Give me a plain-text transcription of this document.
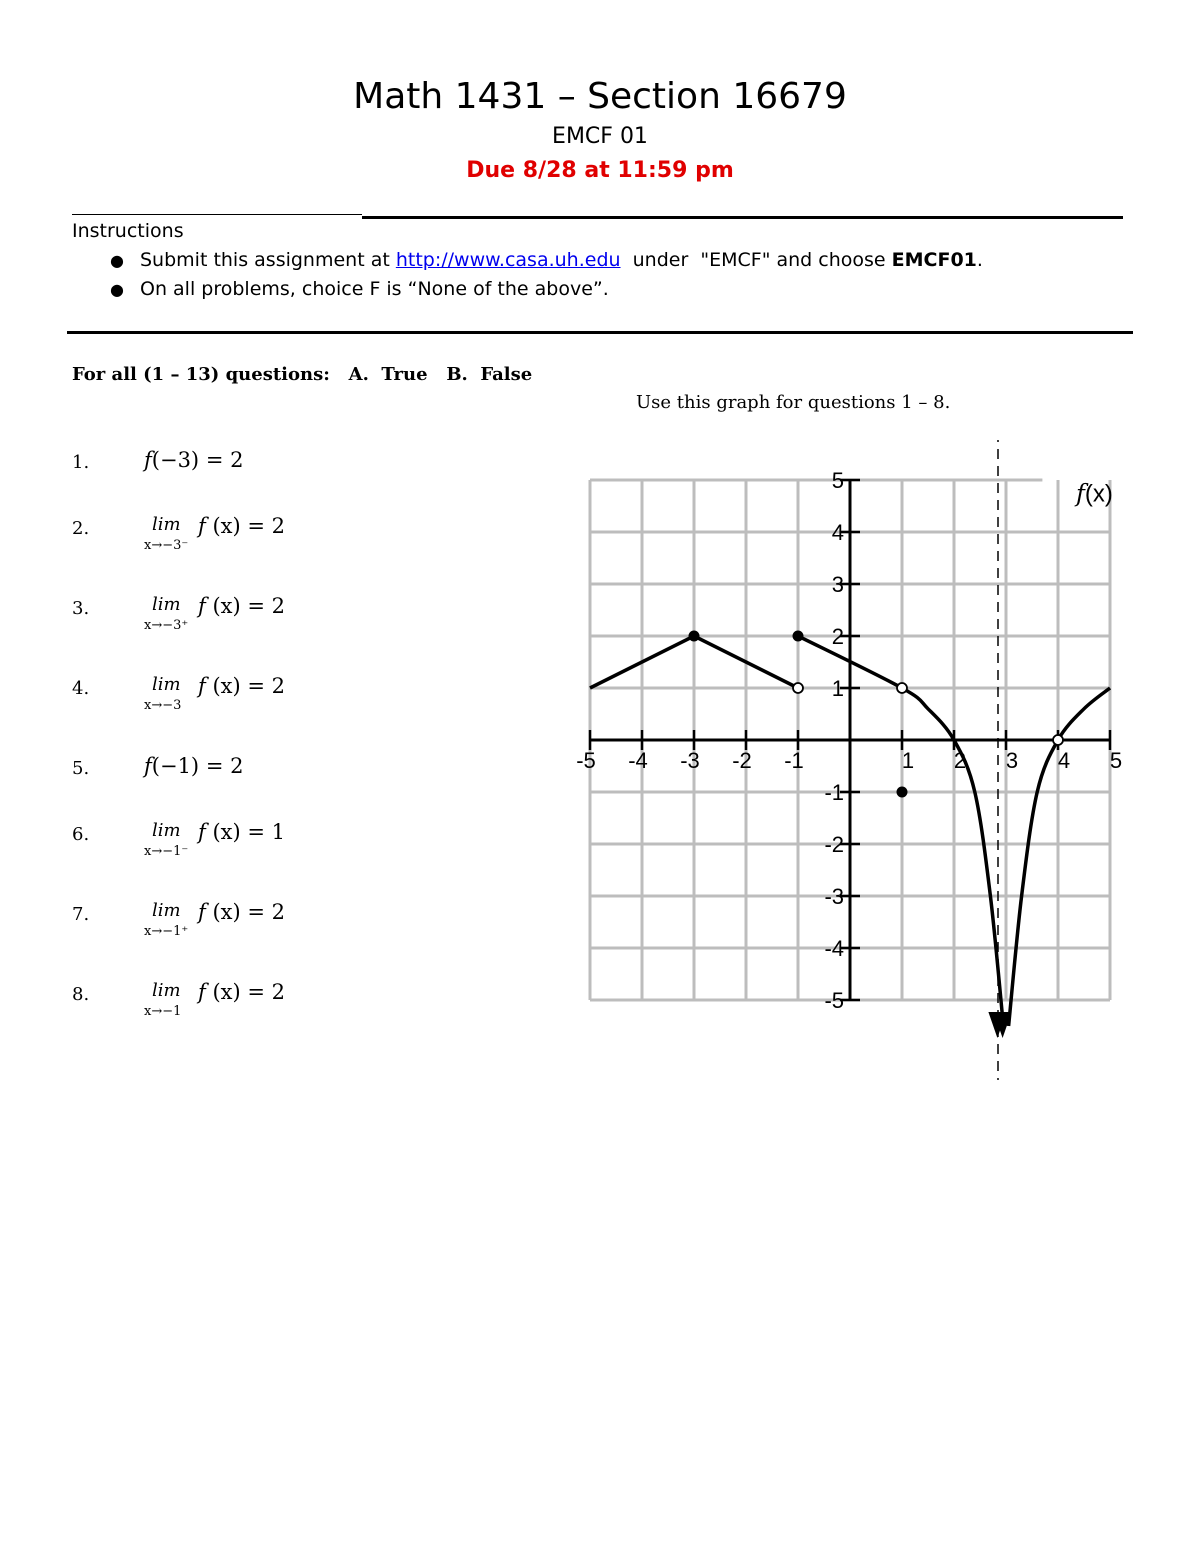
Math 1431 – Section 16679
EMCF 01
Due 8/28 at 11:59 pm
Instructions
● Submit this assignment at http://www.casa.uh.edu  under  "EMCF" and choose EMCF01.
● On all problems, choice F is “None of the above”.
For all (1 – 13) questions:   A.  True   B.  False
Use this graph for questions 1 – 8.
1.	f(−3) = 2
2.	lim
x→−3⁻
f (x) = 2
3.	lim
x→−3⁺
f (x) = 2
4.	lim
x→−3
f (x) = 2
5.	f(−1) = 2
6.	lim
x→−1⁻
f (x) = 1
7.	lim
x→−1⁺
f (x) = 2
8.	lim
x→−1
f (x) = 2
-5 -4 -3 -2 -1	1 2 3 4 5
5
4
3
2
1
-1
-2
-3
-4
-5
f(x)
